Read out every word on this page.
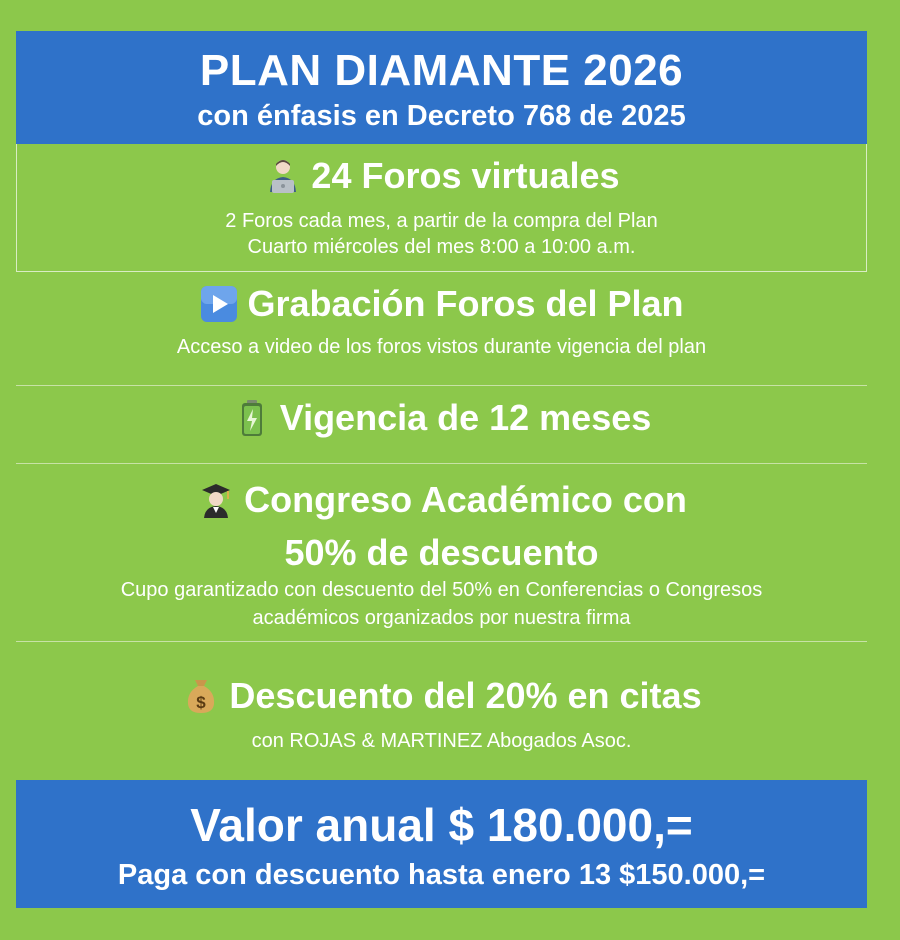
PLAN DIAMANTE 2026
con énfasis en Decreto 768 de 2025
24 Foros virtuales
2 Foros cada mes, a partir de la compra del Plan
Cuarto miércoles del mes 8:00 a 10:00 a.m.
Grabación Foros del Plan
Acceso a video de los foros vistos durante vigencia del plan
Vigencia de 12 meses
Congreso Académico con
50% de descuento
Cupo garantizado con descuento del 50% en Conferencias o Congresos
académicos organizados por nuestra firma
$ Descuento del 20% en citas
con ROJAS & MARTINEZ Abogados Asoc.
Valor anual $ 180.000,=
Paga con descuento hasta enero 13 $150.000,=
